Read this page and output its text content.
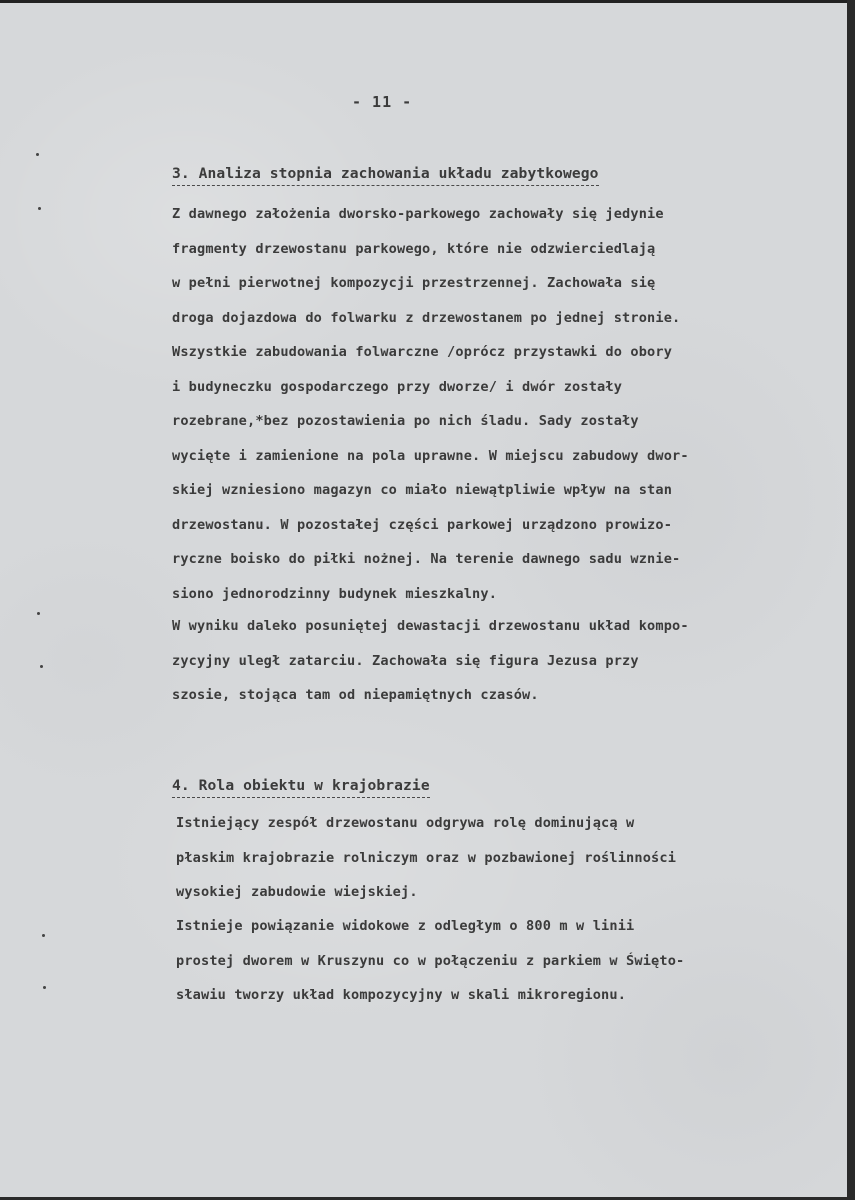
- 11 -
3. Analiza stopnia zachowania układu zabytkowego

Z dawnego założenia dworsko-parkowego zachowały się jedynie
fragmenty drzewostanu parkowego, które nie odzwierciedlają
w pełni pierwotnej kompozycji przestrzennej. Zachowała się
droga dojazdowa do folwarku z drzewostanem po jednej stronie.
Wszystkie zabudowania folwarczne /oprócz przystawki do obory
i budyneczku gospodarczego przy dworze/ i dwór zostały
rozebrane,*bez pozostawienia po nich śladu. Sady zostały
wycięte i zamienione na pola uprawne. W miejscu zabudowy dwor-
skiej wzniesiono magazyn co miało niewątpliwie wpływ na stan
drzewostanu. W pozostałej części parkowej urządzono prowizo-
ryczne boisko do piłki nożnej. Na terenie dawnego sadu wznie-
siono jednorodzinny budynek mieszkalny.

W wyniku daleko posuniętej dewastacji drzewostanu układ kompo-
zycyjny uległ zatarciu. Zachowała się figura Jezusa przy
szosie, stojąca tam od niepamiętnych czasów.

4. Rola obiektu w krajobrazie

Istniejący zespół drzewostanu odgrywa rolę dominującą w
płaskim krajobrazie rolniczym oraz w pozbawionej roślinności
wysokiej zabudowie wiejskiej.

Istnieje powiązanie widokowe z odległym o 800 m w linii
prostej dworem w Kruszynu co w połączeniu z parkiem w Święto-
sławiu tworzy układ kompozycyjny w skali mikroregionu.
